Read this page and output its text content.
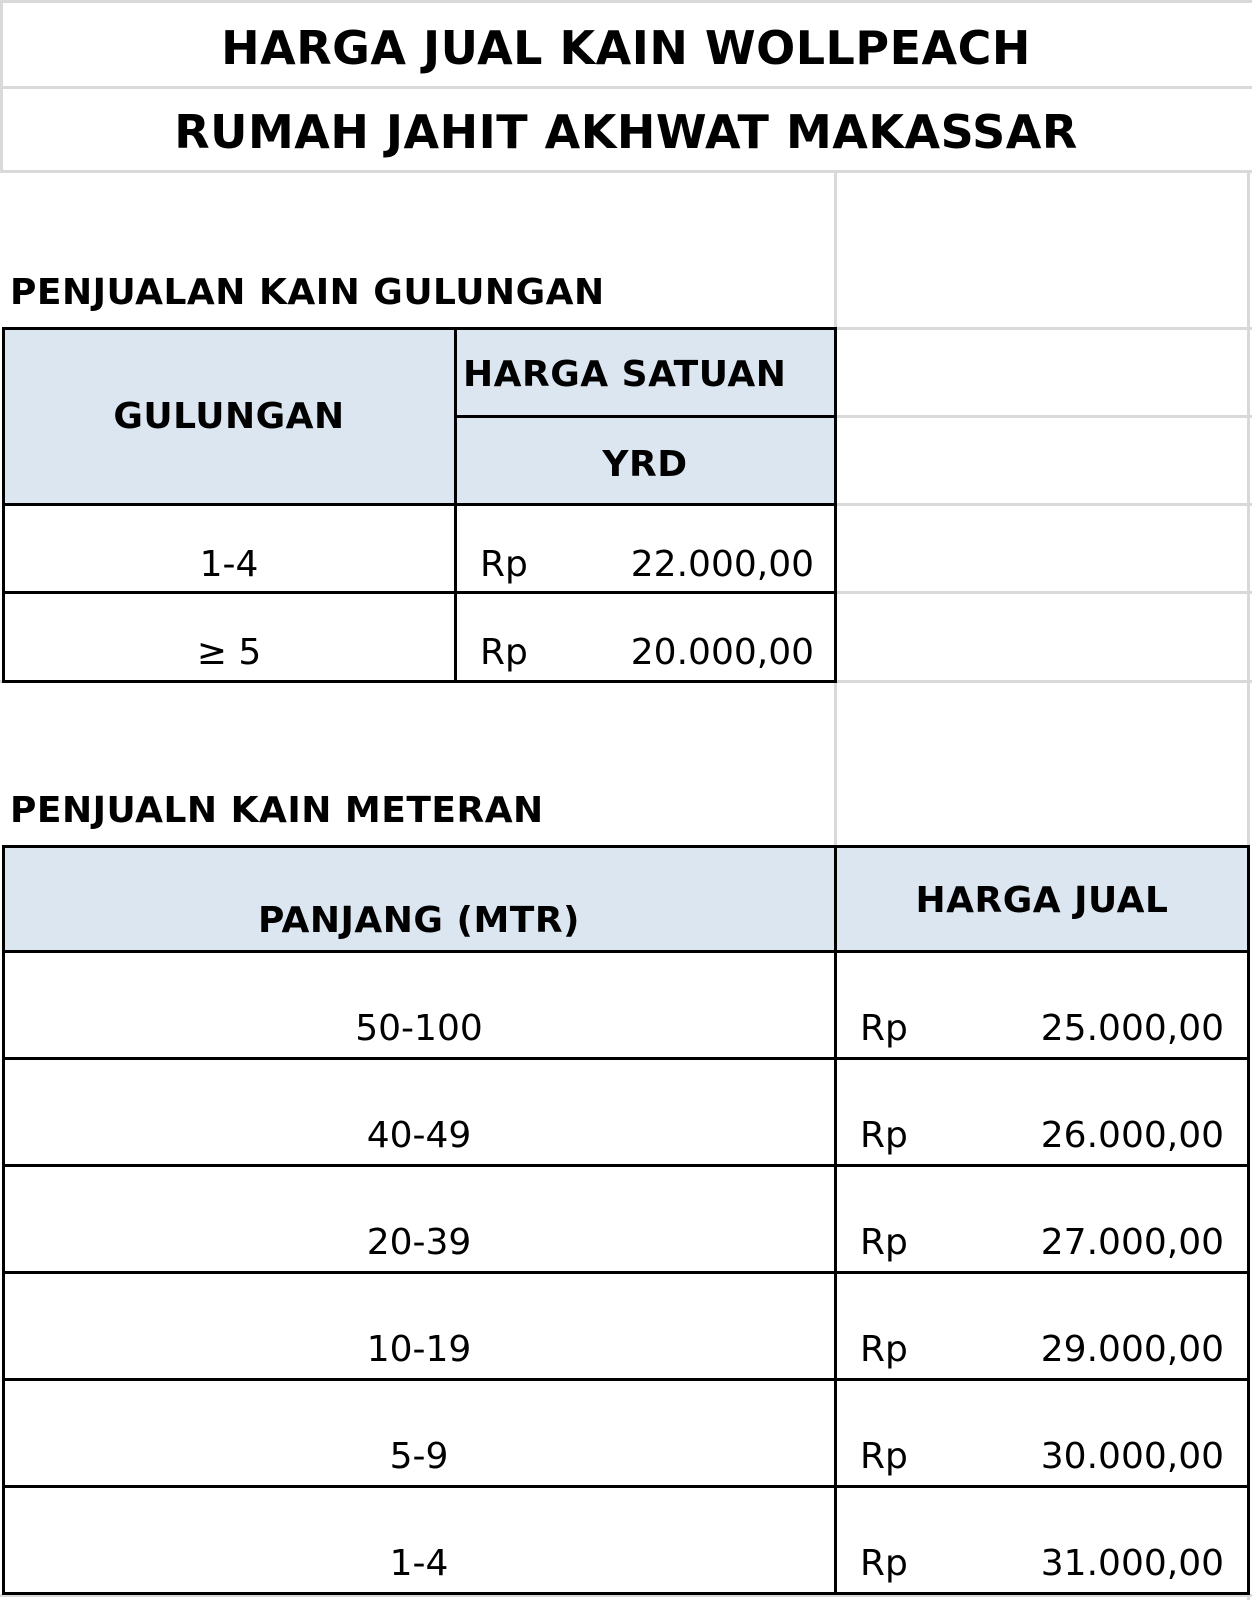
HARGA JUAL KAIN WOLLPEACH
RUMAH JAHIT AKHWAT MAKASSAR
PENJUALAN KAIN GULUNGAN
GULUNGAN
HARGA SATUAN
YRD
1-4	Rp	22.000,00
≥ 5	Rp	20.000,00
PENJUALN KAIN METERAN
PANJANG (MTR)	HARGA JUAL
50-100	Rp	25.000,00
40-49	Rp	26.000,00
20-39	Rp	27.000,00
10-19	Rp	29.000,00
5-9	Rp	30.000,00
1-4	Rp	31.000,00
